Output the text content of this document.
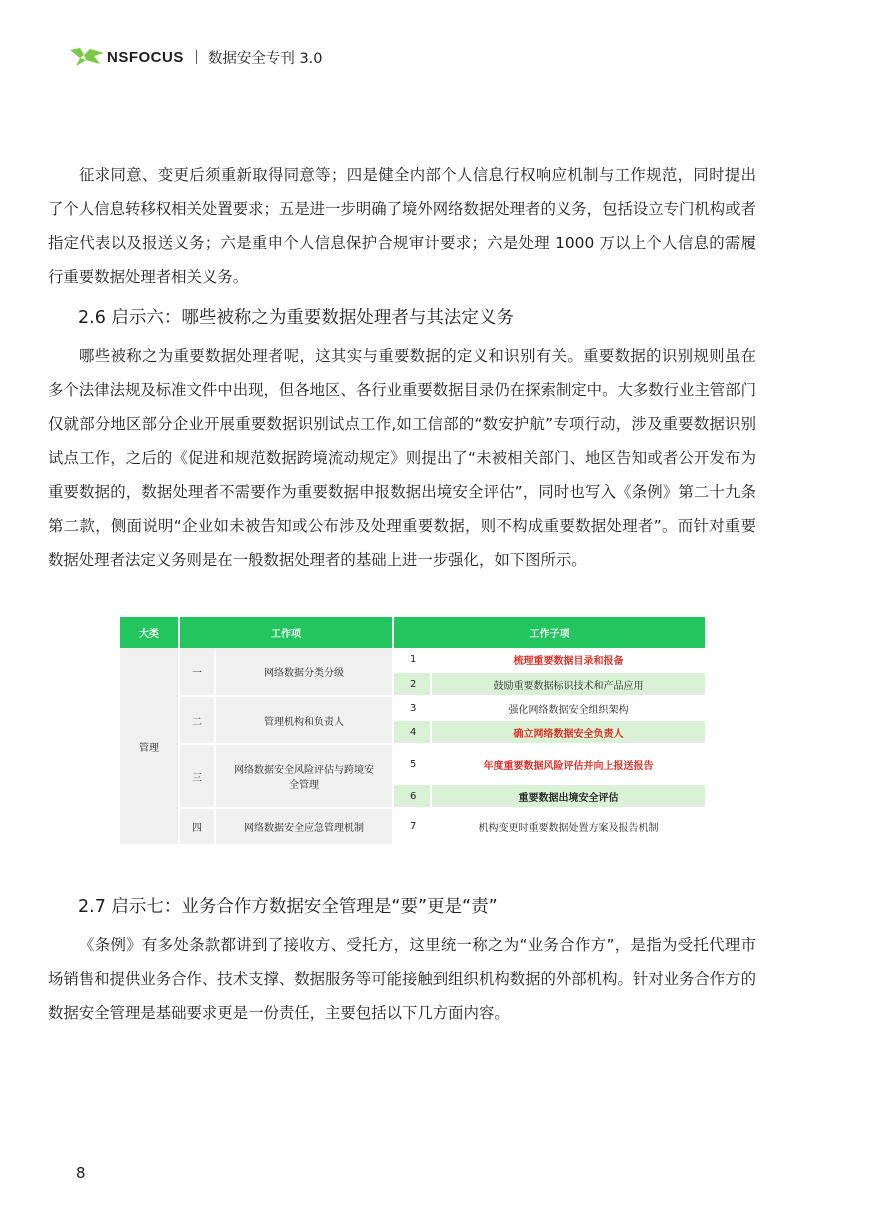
NSFOCUS 数据安全专刊 3.0

征求同意、变更后须重新取得同意等；四是健全内部个人信息行权响应机制与工作规范，同时提出了个人信息转移权相关处置要求；五是进一步明确了境外网络数据处理者的义务，包括设立专门机构或者指定代表以及报送义务；六是重申个人信息保护合规审计要求；六是处理 1000 万以上个人信息的需履行重要数据处理者相关义务。

2.6 启示六：哪些被称之为重要数据处理者与其法定义务

哪些被称之为重要数据处理者呢，这其实与重要数据的定义和识别有关。重要数据的识别规则虽在多个法律法规及标准文件中出现，但各地区、各行业重要数据目录仍在探索制定中。大多数行业主管部门仅就部分地区部分企业开展重要数据识别试点工作,如工信部的“数安护航”专项行动，涉及重要数据识别试点工作，之后的《促进和规范数据跨境流动规定》则提出了“未被相关部门、地区告知或者公开发布为重要数据的，数据处理者不需要作为重要数据申报数据出境安全评估”，同时也写入《条例》第二十九条 第二款，侧面说明“企业如未被告知或公布涉及处理重要数据，则不构成重要数据处理者”。而针对重要数据处理者法定义务则是在一般数据处理者的基础上进一步强化，如下图所示。

大类	工作项		工作子项	
管理	一	网络数据分类分级	1	梳理重要数据目录和报备
			2	鼓励重要数据标识技术和产品应用
	二	管理机构和负责人	3	强化网络数据安全组织架构
			4	确立网络数据安全负责人
	三	网络数据安全风险评估与跨境安全管理	5	年度重要数据风险评估并向上报送报告
			6	重要数据出境安全评估
	四	网络数据安全应急管理机制	7	机构变更时重要数据处置方案及报告机制
2.7 启示七：业务合作方数据安全管理是“要”更是“责”

《条例》有多处条款都讲到了接收方、受托方，这里统一称之为“业务合作方”，是指为受托代理市场销售和提供业务合作、技术支撑、数据服务等可能接触到组织机构数据的外部机构。针对业务合作方的数据安全管理是基础要求更是一份责任，主要包括以下几方面内容。

8
